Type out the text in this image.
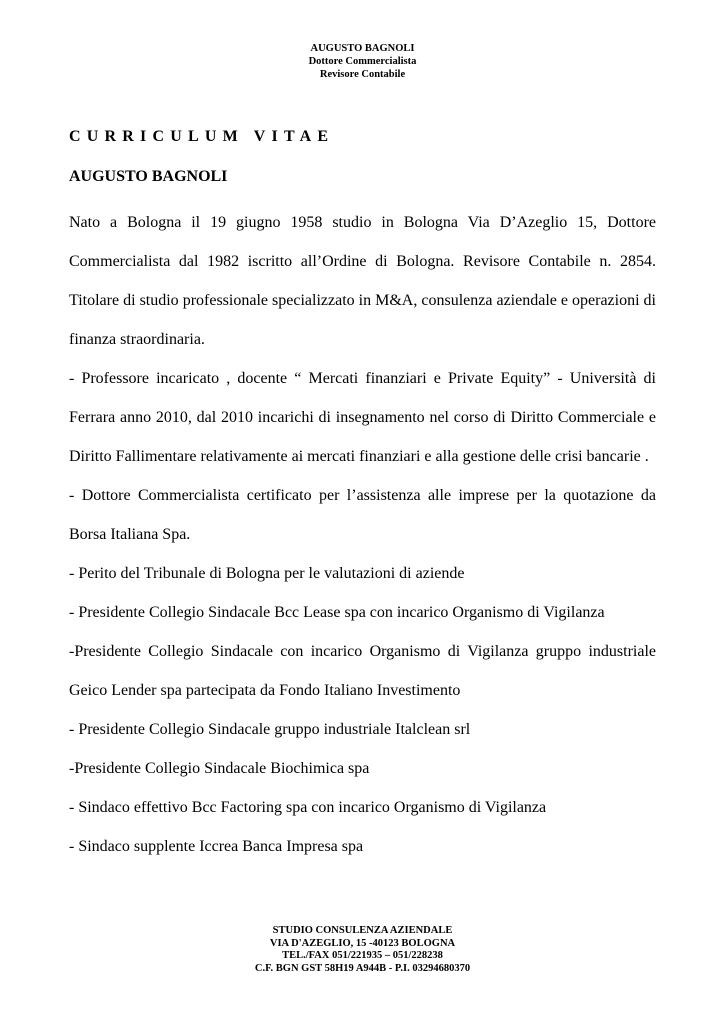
AUGUSTO BAGNOLI
Dottore Commercialista
Revisore Contabile
CURRICULUM VITAE
AUGUSTO BAGNOLI

Nato a Bologna il 19 giugno 1958 studio in Bologna Via D’Azeglio 15, Dottore Commercialista dal 1982 iscritto all’Ordine di Bologna. Revisore Contabile n. 2854. Titolare di studio professionale specializzato in M&A, consulenza aziendale e operazioni di finanza straordinaria.

- Professore incaricato , docente “ Mercati finanziari e Private Equity” - Università di Ferrara anno 2010, dal 2010 incarichi di insegnamento nel corso di Diritto Commerciale e Diritto Fallimentare relativamente ai mercati finanziari e alla gestione delle crisi bancarie .

- Dottore Commercialista certificato per l’assistenza alle imprese per la quotazione da Borsa Italiana Spa.

- Perito del Tribunale di Bologna per le valutazioni di aziende

- Presidente Collegio Sindacale Bcc Lease spa con incarico Organismo di Vigilanza

-Presidente Collegio Sindacale con incarico Organismo di Vigilanza gruppo industriale Geico Lender spa partecipata da Fondo Italiano Investimento

- Presidente Collegio Sindacale gruppo industriale Italclean srl

-Presidente Collegio Sindacale Biochimica spa

- Sindaco effettivo Bcc Factoring spa con incarico Organismo di Vigilanza

- Sindaco supplente Iccrea Banca Impresa spa

STUDIO CONSULENZA AZIENDALE
VIA D'AZEGLIO, 15 -40123 BOLOGNA
TEL./FAX 051/221935 – 051/228238
C.F. BGN GST 58H19 A944B - P.I. 03294680370
